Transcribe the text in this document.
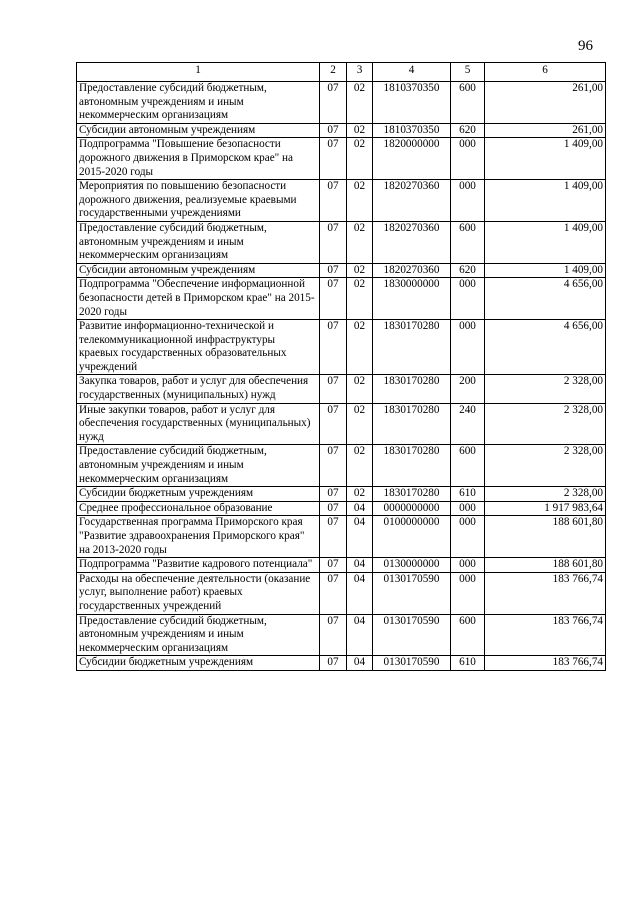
96
1	2	3	4	5	6
Предоставление субсидий бюджетным, автономным учреждениям и иным некоммерческим организациям	07	02	1810370350	600	261,00
Субсидии автономным учреждениям	07	02	1810370350	620	261,00
Подпрограмма "Повышение безопасности дорожного движения в Приморском крае" на 2015-2020 годы	07	02	1820000000	000	1 409,00
Мероприятия по повышению безопасности дорожного движения, реализуемые краевыми государственными учреждениями	07	02	1820270360	000	1 409,00
Предоставление субсидий бюджетным, автономным учреждениям и иным некоммерческим организациям	07	02	1820270360	600	1 409,00
Субсидии автономным учреждениям	07	02	1820270360	620	1 409,00
Подпрограмма "Обеспечение информационной безопасности детей в Приморском крае" на 2015-2020 годы	07	02	1830000000	000	4 656,00
Развитие информационно-технической и телекоммуникационной инфраструктуры краевых государственных образовательных учреждений	07	02	1830170280	000	4 656,00
Закупка товаров, работ и услуг для обеспечения государственных (муниципальных) нужд	07	02	1830170280	200	2 328,00
Иные закупки товаров, работ и услуг для обеспечения государственных (муниципальных) нужд	07	02	1830170280	240	2 328,00
Предоставление субсидий бюджетным, автономным учреждениям и иным некоммерческим организациям	07	02	1830170280	600	2 328,00
Субсидии бюджетным учреждениям	07	02	1830170280	610	2 328,00
Среднее профессиональное образование	07	04	0000000000	000	1 917 983,64
Государственная программа Приморского края "Развитие здравоохранения Приморского края" на 2013-2020 годы	07	04	0100000000	000	188 601,80
Подпрограмма "Развитие кадрового потенциала"	07	04	0130000000	000	188 601,80
Расходы на обеспечение деятельности (оказание услуг, выполнение работ) краевых государственных учреждений	07	04	0130170590	000	183 766,74
Предоставление субсидий бюджетным, автономным учреждениям и иным некоммерческим организациям	07	04	0130170590	600	183 766,74
Субсидии бюджетным учреждениям	07	04	0130170590	610	183 766,74
